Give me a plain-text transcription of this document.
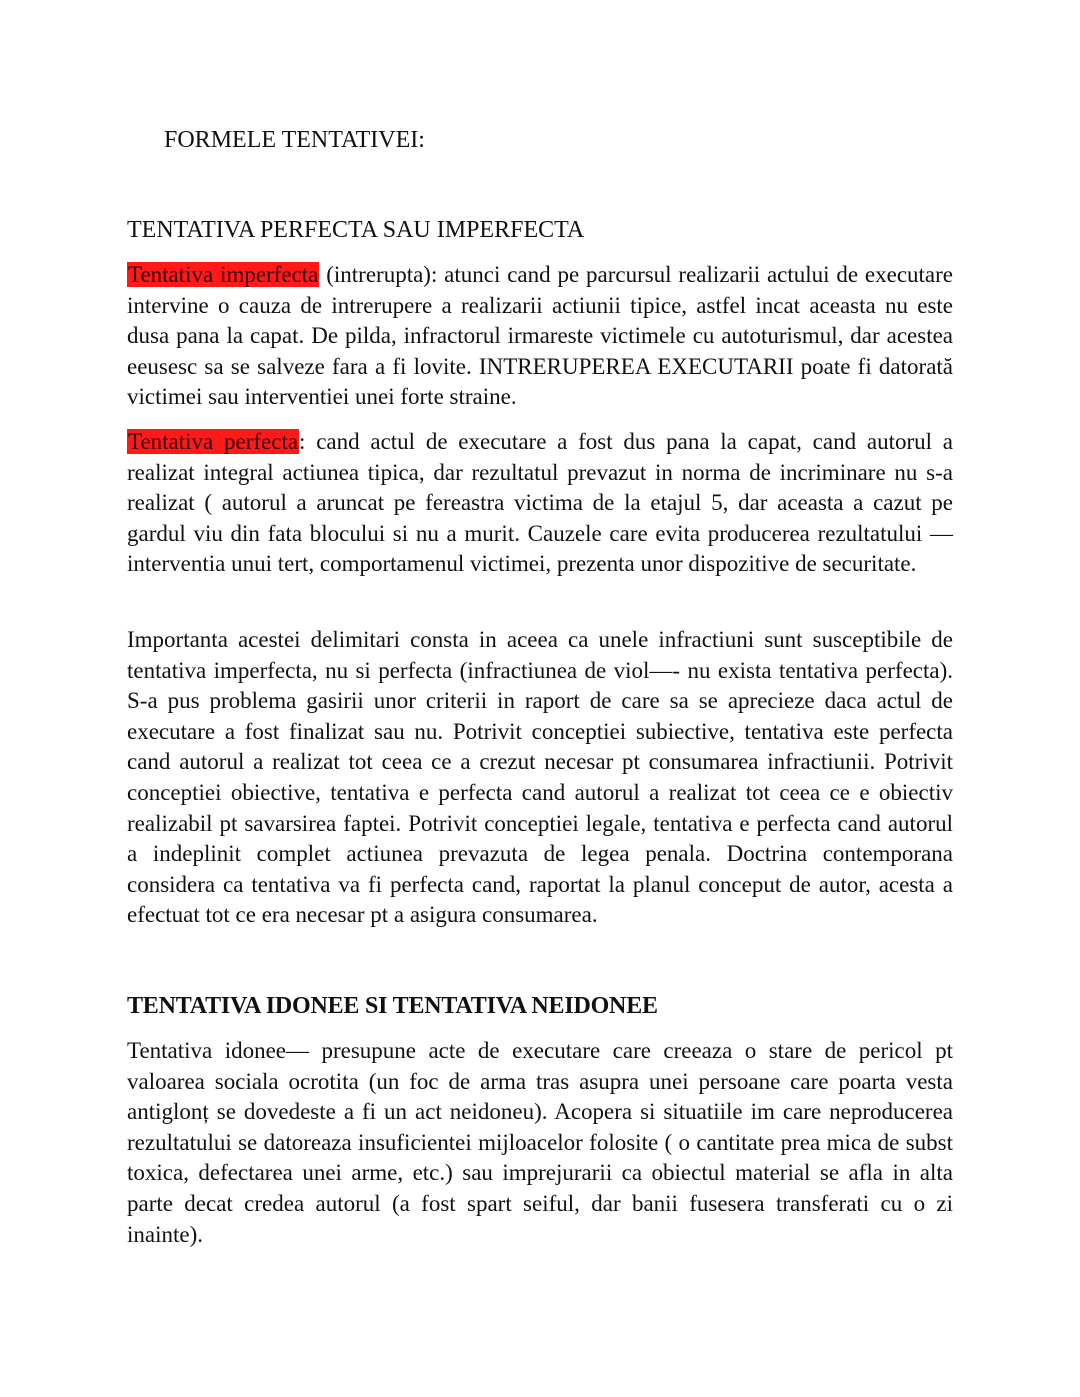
FORMELE TENTATIVEI:

TENTATIVA PERFECTA SAU IMPERFECTA

Tentativa imperfecta (intrerupta): atunci cand pe parcursul realizarii actului de executare intervine o cauza de intrerupere a realizarii actiunii tipice, astfel incat aceasta nu este dusa pana la capat. De pilda, infractorul irmareste victimele cu autoturismul, dar acestea eeusesc sa se salveze fara a fi lovite. INTRERUPEREA EXECUTARII poate fi datorată victimei sau interventiei unei forte straine.

Tentativa perfecta: cand actul de executare a fost dus pana la capat, cand autorul a realizat integral actiunea tipica, dar rezultatul prevazut in norma de incriminare nu s-a realizat ( autorul a aruncat pe fereastra victima de la etajul 5, dar aceasta a cazut pe gardul viu din fata blocului si nu a murit. Cauzele care evita producerea rezultatului — interventia unui tert, comportamenul victimei, prezenta unor dispozitive de securitate.

Importanta acestei delimitari consta in aceea ca unele infractiuni sunt susceptibile de tentativa imperfecta, nu si perfecta (infractiunea de viol—- nu exista tentativa perfecta). S-a pus problema gasirii unor criterii in raport de care sa se aprecieze daca actul de executare a fost finalizat sau nu. Potrivit conceptiei subiective, tentativa este perfecta cand autorul a realizat tot ceea ce a crezut necesar pt consumarea infractiunii. Potrivit conceptiei obiective, tentativa e perfecta cand autorul a realizat tot ceea ce e obiectiv realizabil pt savarsirea faptei. Potrivit conceptiei legale, tentativa e perfecta cand autorul a indeplinit complet actiunea prevazuta de legea penala. Doctrina contemporana considera ca tentativa va fi perfecta cand, raportat la planul conceput de autor, acesta a efectuat tot ce era necesar pt a asigura consumarea.

TENTATIVA IDONEE SI TENTATIVA NEIDONEE

Tentativa idonee— presupune acte de executare care creeaza o stare de pericol pt valoarea sociala ocrotita (un foc de arma tras asupra unei persoane care poarta vesta antiglonț se dovedeste a fi un act neidoneu). Acopera si situatiile im care neproducerea rezultatului se datoreaza insuficientei mijloacelor folosite ( o cantitate prea mica de subst toxica, defectarea unei arme, etc.) sau imprejurarii ca obiectul material se afla in alta parte decat credea autorul (a fost spart seiful, dar banii fusesera transferati cu o zi inainte).
